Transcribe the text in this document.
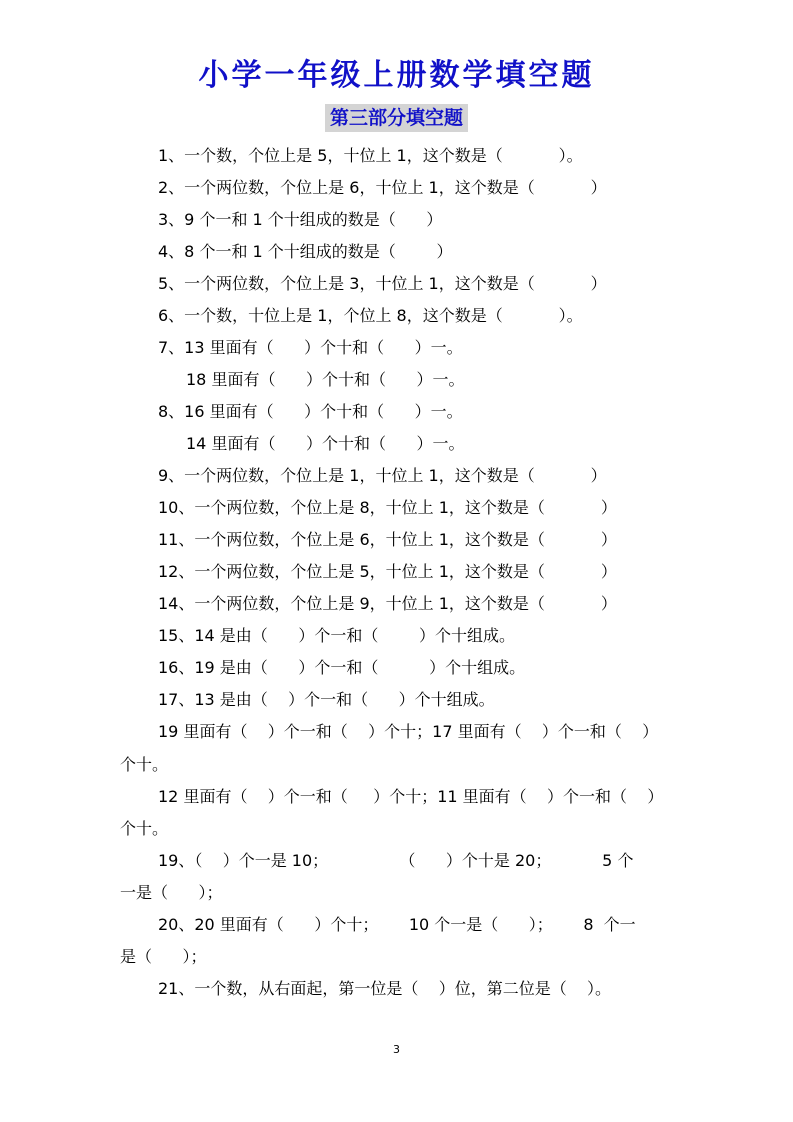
小学一年级上册数学填空题
第三部分填空题
1、一个数，个位上是 5，十位上 1，这个数是（           ）。
2、一个两位数，个位上是 6，十位上 1，这个数是（           ）
3、9 个一和 1 个十组成的数是（      ）
4、8 个一和 1 个十组成的数是（        ）
5、一个两位数，个位上是 3，十位上 1，这个数是（           ）
6、一个数，十位上是 1，个位上 8，这个数是（           ）。
7、13 里面有（      ）个十和（      ）一。
18 里面有（      ）个十和（      ）一。
8、16 里面有（      ）个十和（      ）一。
14 里面有（      ）个十和（      ）一。
9、一个两位数，个位上是 1，十位上 1，这个数是（           ）
10、一个两位数，个位上是 8，十位上 1，这个数是（           ）
11、一个两位数，个位上是 6，十位上 1，这个数是（           ）
12、一个两位数，个位上是 5，十位上 1，这个数是（           ）
14、一个两位数，个位上是 9，十位上 1，这个数是（           ）
15、14 是由（      ）个一和（        ）个十组成。
16、19 是由（      ）个一和（          ）个十组成。
17、13 是由（    ）个一和（      ）个十组成。
19 里面有（    ）个一和（    ）个十；17 里面有（    ）个一和（    ）
个十。
12 里面有（    ）个一和（     ）个十；11 里面有（    ）个一和（    ）
个十。
19、（    ）个一是 10；              （      ）个十是 20；          5 个
一是（      ）；
20、20 里面有（      ）个十；      10 个一是（      ）；      8  个一
是（      ）；
21、一个数，从右面起，第一位是（    ）位，第二位是（    ）。
3
